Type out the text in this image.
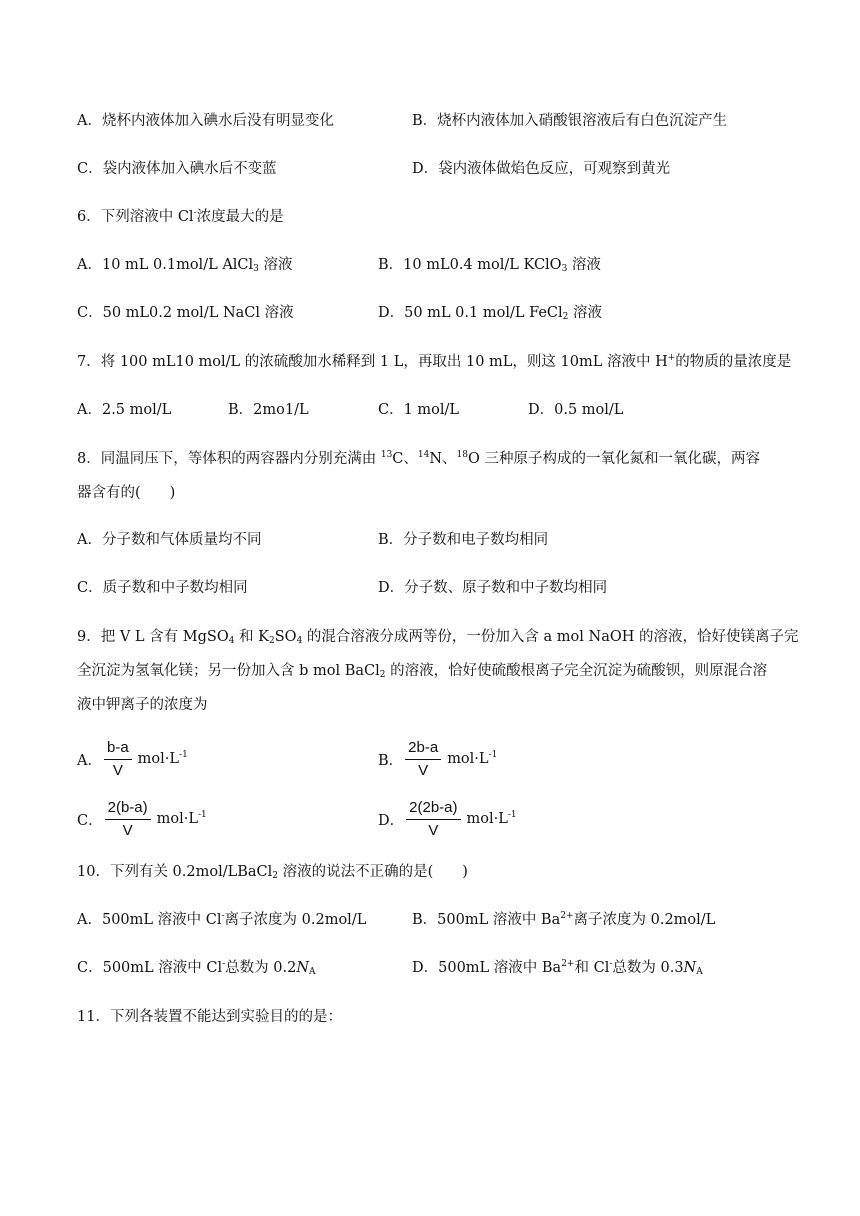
A．烧杯内液体加入碘水后没有明显变化	B．烧杯内液体加入硝酸银溶液后有白色沉淀产生
C．袋内液体加入碘水后不变蓝	D．袋内液体做焰色反应，可观察到黄光
6．下列溶液中 Cl-浓度最大的是
A．10 mL 0.1mol/L AlCl$_3$ 溶液	B．10 mL0.4 mol/L KClO$_3$ 溶液
C．50 mL0.2 mol/L NaCl 溶液	D．50 mL 0.1 mol/L FeCl$_2$ 溶液
7．将 100 mL10 mol/L 的浓硫酸加水稀释到 1 L，再取出 10 mL，则这 10mL 溶液中 H+的物质的量浓度是
A．2.5 mol/L	B．2mo1/L	C．1 mol/L	D．0.5 mol/L
8．同温同压下，等体积的两容器内分别充满由 $^{13}$C、$^{14}$N、$^{18}$O 三种原子构成的一氧化氮和一氧化碳，两容
器含有的(　　)
A．分子数和气体质量均不同	B．分子数和电子数均相同
C．质子数和中子数均相同	D．分子数、原子数和中子数均相同
9．把 V L 含有 MgSO$_4$ 和 $K_2SO_4$ 的混合溶液分成两等份，一份加入含 a mol NaOH 的溶液，恰好使镁离子完
全沉淀为氢氧化镁；另一份加入含 b mol BaCl$_2$ 的溶液，恰好使硫酸根离子完全沉淀为硫酸钡，则原混合溶
液中钾离子的浓度为
A． $\frac{b-a}{V} mol\cdot L^{-1}$	B． $\frac{2b-a}{V} mol\cdot L^{-1}$
C． $\frac{2(b-a)}{V} mol\cdot L^{-1}$	D． $\frac{2(2b-a)}{V} mol\cdot L^{-1}$
10．下列有关 0.2mol/LBaCl$_2$ 溶液的说法不正确的是(　　)
A．500mL 溶液中 Cl-离子浓度为 0.2mol/L	B．500mL 溶液中 $Ba^{2+}$离子浓度为 0.2mol/L
C．500mL 溶液中 Cl-总数为 $0.2N_A$	D．500mL 溶液中 $Ba^{2+}$和 Cl-总数为 $0.3N_A$
11．下列各装置不能达到实验目的的是：
